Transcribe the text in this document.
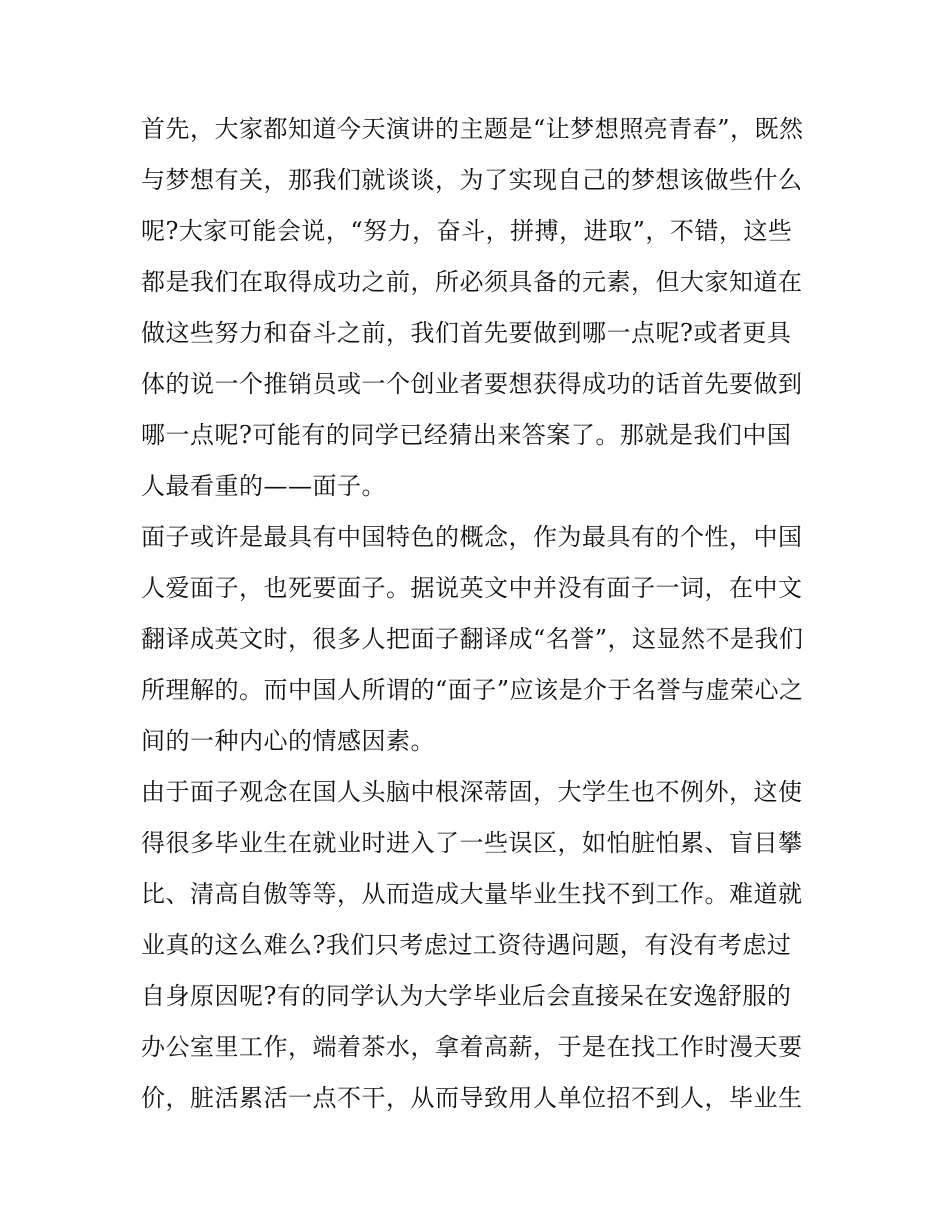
首先，大家都知道今天演讲的主题是“让梦想照亮青春”，既然
与梦想有关，那我们就谈谈，为了实现自己的梦想该做些什么
呢?大家可能会说，“努力，奋斗，拼搏，进取”，不错，这些
都是我们在取得成功之前，所必须具备的元素，但大家知道在
做这些努力和奋斗之前，我们首先要做到哪一点呢?或者更具
体的说一个推销员或一个创业者要想获得成功的话首先要做到
哪一点呢?可能有的同学已经猜出来答案了。那就是我们中国
人最看重的——面子。
面子或许是最具有中国特色的概念，作为最具有的个性，中国
人爱面子，也死要面子。据说英文中并没有面子一词，在中文
翻译成英文时，很多人把面子翻译成“名誉”，这显然不是我们
所理解的。而中国人所谓的“面子”应该是介于名誉与虚荣心之
间的一种内心的情感因素。
由于面子观念在国人头脑中根深蒂固，大学生也不例外，这使
得很多毕业生在就业时进入了一些误区，如怕脏怕累、盲目攀
比、清高自傲等等，从而造成大量毕业生找不到工作。难道就
业真的这么难么?我们只考虑过工资待遇问题，有没有考虑过
自身原因呢?有的同学认为大学毕业后会直接呆在安逸舒服的
办公室里工作，端着茶水，拿着高薪，于是在找工作时漫天要
价，脏活累活一点不干，从而导致用人单位招不到人，毕业生
